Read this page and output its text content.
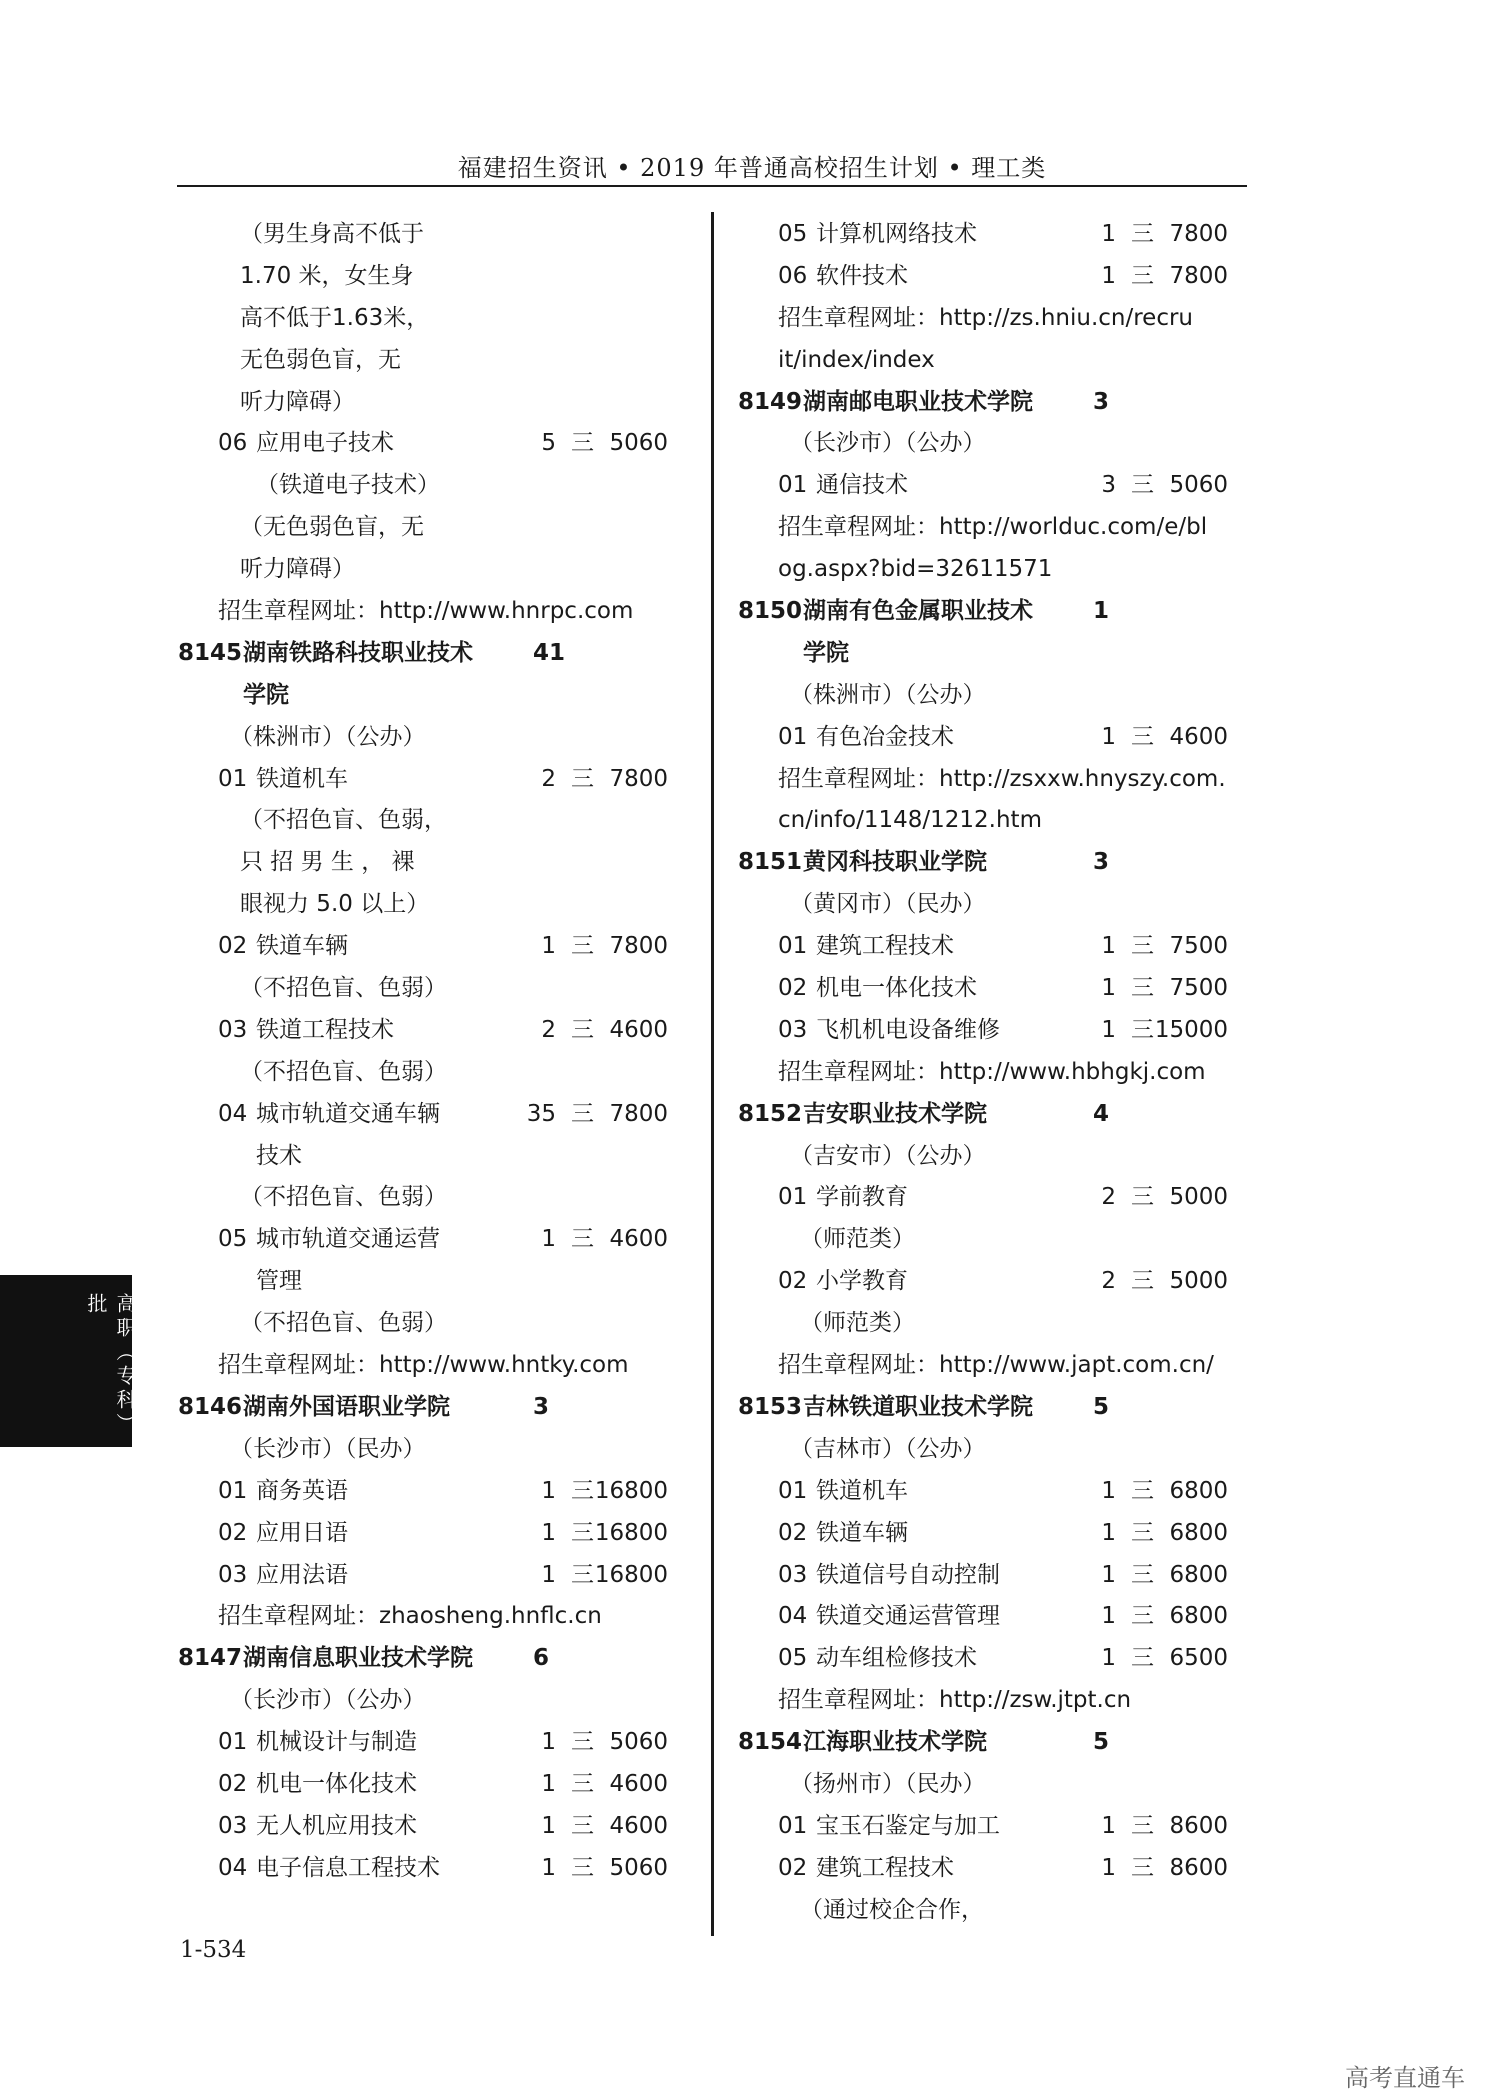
福建招生资讯 • 2019 年普通高校招生计划 • 理工类
（男生身高不低于
1.70 米，女生身
高不低于1.63米，
无色弱色盲，无
听力障碍）
06 应用电子技术	5 三 5060
（铁道电子技术）
（无色弱色盲，无
听力障碍）
招生章程网址：http://www.hnrpc.com
8145 湖南铁路科技职业技术	41
学院
（株洲市）（公办）
01 铁道机车	2 三 7800
（不招色盲、色弱，
只 招 男 生 ， 裸
眼视力 5.0 以上）
02 铁道车辆	1 三 7800
（不招色盲、色弱）
03 铁道工程技术	2 三 4600
（不招色盲、色弱）
04 城市轨道交通车辆	35 三 7800
技术
（不招色盲、色弱）
05 城市轨道交通运营	1 三 4600
管理
（不招色盲、色弱）
招生章程网址：http://www.hntky.com
8146 湖南外国语职业学院	3
（长沙市）（民办）
01 商务英语	1 三 16800
02 应用日语	1 三 16800
03 应用法语	1 三 16800
招生章程网址：zhaosheng.hnflc.cn
8147 湖南信息职业技术学院	6
（长沙市）（公办）
01 机械设计与制造	1 三 5060
02 机电一体化技术	1 三 4600
03 无人机应用技术	1 三 4600
04 电子信息工程技术	1 三 5060
05 计算机网络技术	1 三 7800
06 软件技术	1 三 7800
招生章程网址：http://zs.hniu.cn/recru
it/index/index
8149 湖南邮电职业技术学院	3
（长沙市）（公办）
01 通信技术	3 三 5060
招生章程网址：http://worlduc.com/e/bl
og.aspx?bid=32611571
8150 湖南有色金属职业技术	1
学院
（株洲市）（公办）
01 有色冶金技术	1 三 4600
招生章程网址：http://zsxxw.hnyszy.com.
cn/info/1148/1212.htm
8151 黄冈科技职业学院	3
（黄冈市）（民办）
01 建筑工程技术	1 三 7500
02 机电一体化技术	1 三 7500
03 飞机机电设备维修	1 三 15000
招生章程网址：http://www.hbhgkj.com
8152 吉安职业技术学院	4
（吉安市）（公办）
01 学前教育	2 三 5000
（师范类）
02 小学教育	2 三 5000
（师范类）
招生章程网址：http://www.japt.com.cn/
8153 吉林铁道职业技术学院	5
（吉林市）（公办）
01 铁道机车	1 三 6800
02 铁道车辆	1 三 6800
03 铁道信号自动控制	1 三 6800
04 铁道交通运营管理	1 三 6800
05 动车组检修技术	1 三 6500
招生章程网址：http://zsw.jtpt.cn
8154 江海职业技术学院	5
（扬州市）（民办）
01 宝玉石鉴定与加工	1 三 8600
02 建筑工程技术	1 三 8600
（通过校企合作，
高职（专科）批
1-534
高考直通车
